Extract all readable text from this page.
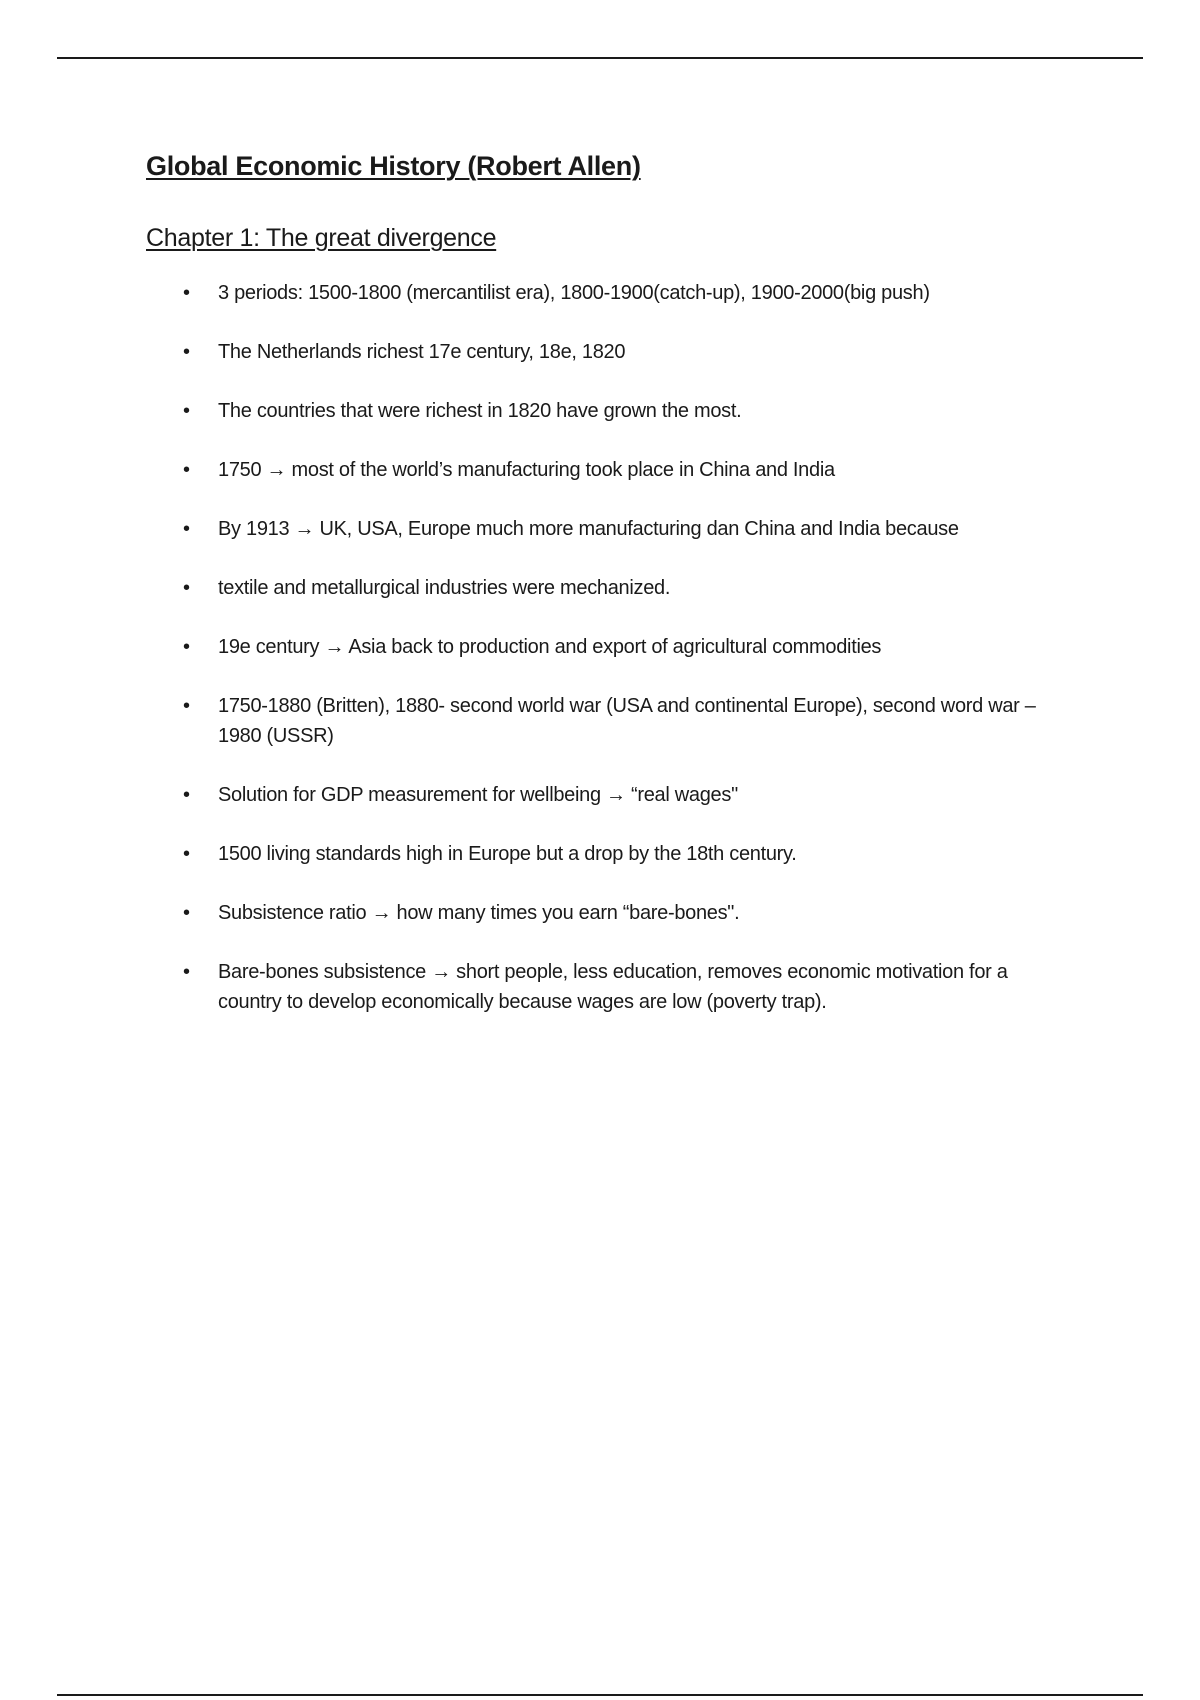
Global Economic History (Robert Allen)
Chapter 1: The great divergence
• 3 periods: 1500-1800 (mercantilist era), 1800-1900(catch-up), 1900-2000(big push)
• The Netherlands richest 17e century, 18e, 1820
• The countries that were richest in 1820 have grown the most.
• 1750 → most of the world’s manufacturing took place in China and India
• By 1913 → UK, USA, Europe much more manufacturing dan China and India because
• textile and metallurgical industries were mechanized.
• 19e century → Asia back to production and export of agricultural commodities
• 1750-1880 (Britten), 1880- second world war (USA and continental Europe), second word war – 1980 (USSR)
• Solution for GDP measurement for wellbeing → “real wages"
• 1500 living standards high in Europe but a drop by the 18th century.
• Subsistence ratio → how many times you earn “bare-bones".
• Bare-bones subsistence → short people, less education, removes economic motivation for a country to develop economically because wages are low (poverty trap).
